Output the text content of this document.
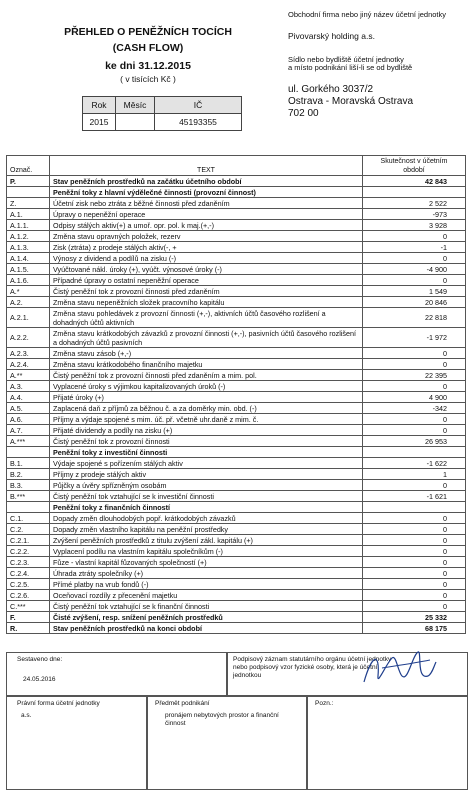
PŘEHLED O PENĚŽNÍCH TOCÍCH
(CASH FLOW)
ke dni 31.12.2015
( v tisících Kč )
Obchodní firma nebo jiný název účetní jednotky
Pivovarský holding a.s.
Sídlo nebo bydliště účetní jednotky
a místo podnikání liší-li se od bydliště
ul. Gorkého 3037/2
Ostrava - Moravská Ostrava
702 00
Rok	Měsíc	IČ
2015		45193355
Označ.	TEXT	Skutečnost v účetním
období

P.	Stav peněžních prostředků na začátku účetního období	42 843
	Peněžní toky z hlavní výdělečné činnosti (provozní činnost)	
Z.	Účetní zisk nebo ztráta z běžné činnosti před zdaněním	2 522
A.1.	Úpravy o nepeněžní operace	-973
A.1.1.	Odpisy stálých aktiv(+) a umoř. opr. pol. k maj.(+,-)	3 928
A.1.2.	Změna stavu opravných položek, rezerv	0
A.1.3.	Zisk (ztráta) z prodeje stálých aktiv(-, +	-1
A.1.4.	Výnosy z dividend a podílů na zisku (-)	0
A.1.5.	Vyúčtované nákl. úroky (+), vyúčt. výnosové úroky (-)	-4 900
A.1.6.	Případné úpravy o ostatní nepeněžní operace	0
A.*	Čistý peněžní tok z provozní činnosti před zdaněním	1 549
A.2.	Změna stavu nepeněžních složek pracovního kapitálu	20 846
A.2.1.	Změna stavu pohledávek z provozní činnosti (+,-), aktivních účtů časového rozlišení a dohadných účtů aktivních	22 818
A.2.2.	Změna stavu krátkodobých závazků z provozní činnosti (+,-), pasivních účtů časového rozlišení a dohadných účtů pasivních	-1 972
A.2.3.	Změna stavu zásob (+,-)	0
A.2.4.	Změna stavu krátkodobého finančního majetku	0
A.**	Čistý peněžní tok z provozní činnosti před zdaněním a mim. pol.	22 395
A.3.	Vyplacené úroky s výjimkou kapitalizovaných úroků (-)	0
A.4.	Přijaté úroky (+)	4 900
A.5.	Zaplacená daň z příjmů za běžnou č. a za doměrky min. obd. (-)	-342
A.6.	Příjmy a výdaje spojené s mim. úč. př. včetně uhr.daně z mim. č.	0
A.7.	Přijaté dividendy a podíly na zisku (+)	0
A.***	Čistý peněžní tok z provozní činnosti	26 953
	Peněžní toky z investiční činnosti	
B.1.	Výdaje spojené s pořízením stálých aktiv	-1 622
B.2.	Příjmy z prodeje stálých aktiv	1
B.3.	Půjčky a úvěry spřízněným osobám	0
B.***	Čistý peněžní tok vztahující se k investiční činnosti	-1 621
	Peněžní toky z finančních činností	
C.1.	Dopady změn dlouhodobých popř. krátkodobých závazků	0
C.2.	Dopady změn vlastního kapitálu na peněžní prostředky	0
C.2.1.	Zvýšení peněžních prostředků z titulu zvýšení zákl. kapitálu (+)	0
C.2.2.	Vyplacení podílu na vlastním kapitálu společníkům (-)	0
C.2.3.	Fůze - vlastní kapitál fůzovaných společností (+)	0
C.2.4.	Úhrada ztráty společníky (+)	0
C.2.5.	Přímé platby na vrub fondů (-)	0
C.2.6.	Oceňovací rozdíly z přecenění majetku	0
C.***	Čistý peněžní tok vztahující se k finanční činnosti	0
F.	Čisté zvýšení, resp. snížení peněžních prostředků	25 332
R.	Stav peněžních prostředků na konci období	68 175
Sestaveno dne:
24.05.2016
Podpisový záznam statutárního orgánu účetní jednotky nebo podpisový vzor fyzické osoby, která je účetní jednotkou
Právní forma účetní jednotky
a.s.
Předmět podnikání
pronájem nebytových prostor a finanční činnost
Pozn.:
